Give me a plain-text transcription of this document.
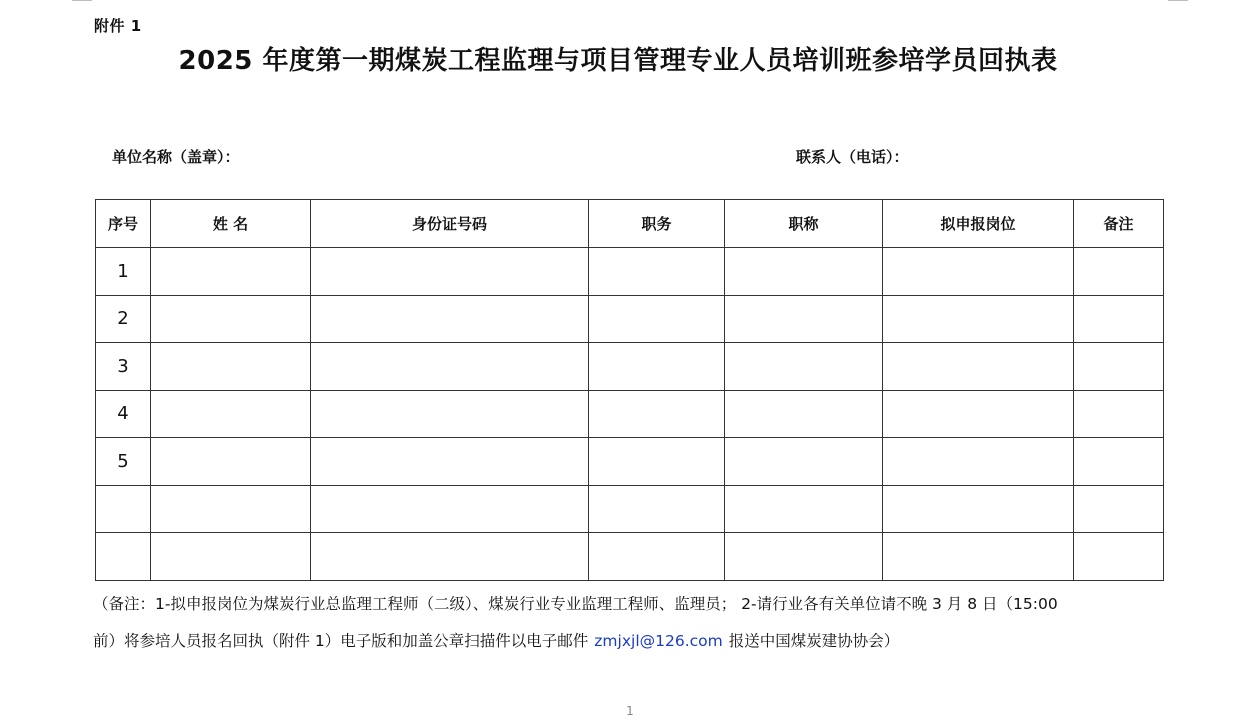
附件 1
2025 年度第一期煤炭工程监理与项目管理专业人员培训班参培学员回执表
单位名称（盖章）：	联系人（电话）：
序号	姓 名	身份证号码	职务	职称	拟申报岗位	备注
1						
2						
3						
4						
5						

（备注：1-拟申报岗位为煤炭行业总监理工程师（二级）、煤炭行业专业监理工程师、监理员； 2-请行业各有关单位请不晚 3 月 8 日（15:00
前）将参培人员报名回执（附件 1）电子版和加盖公章扫描件以电子邮件 zmjxjl@126.com 报送中国煤炭建协协会）
1
